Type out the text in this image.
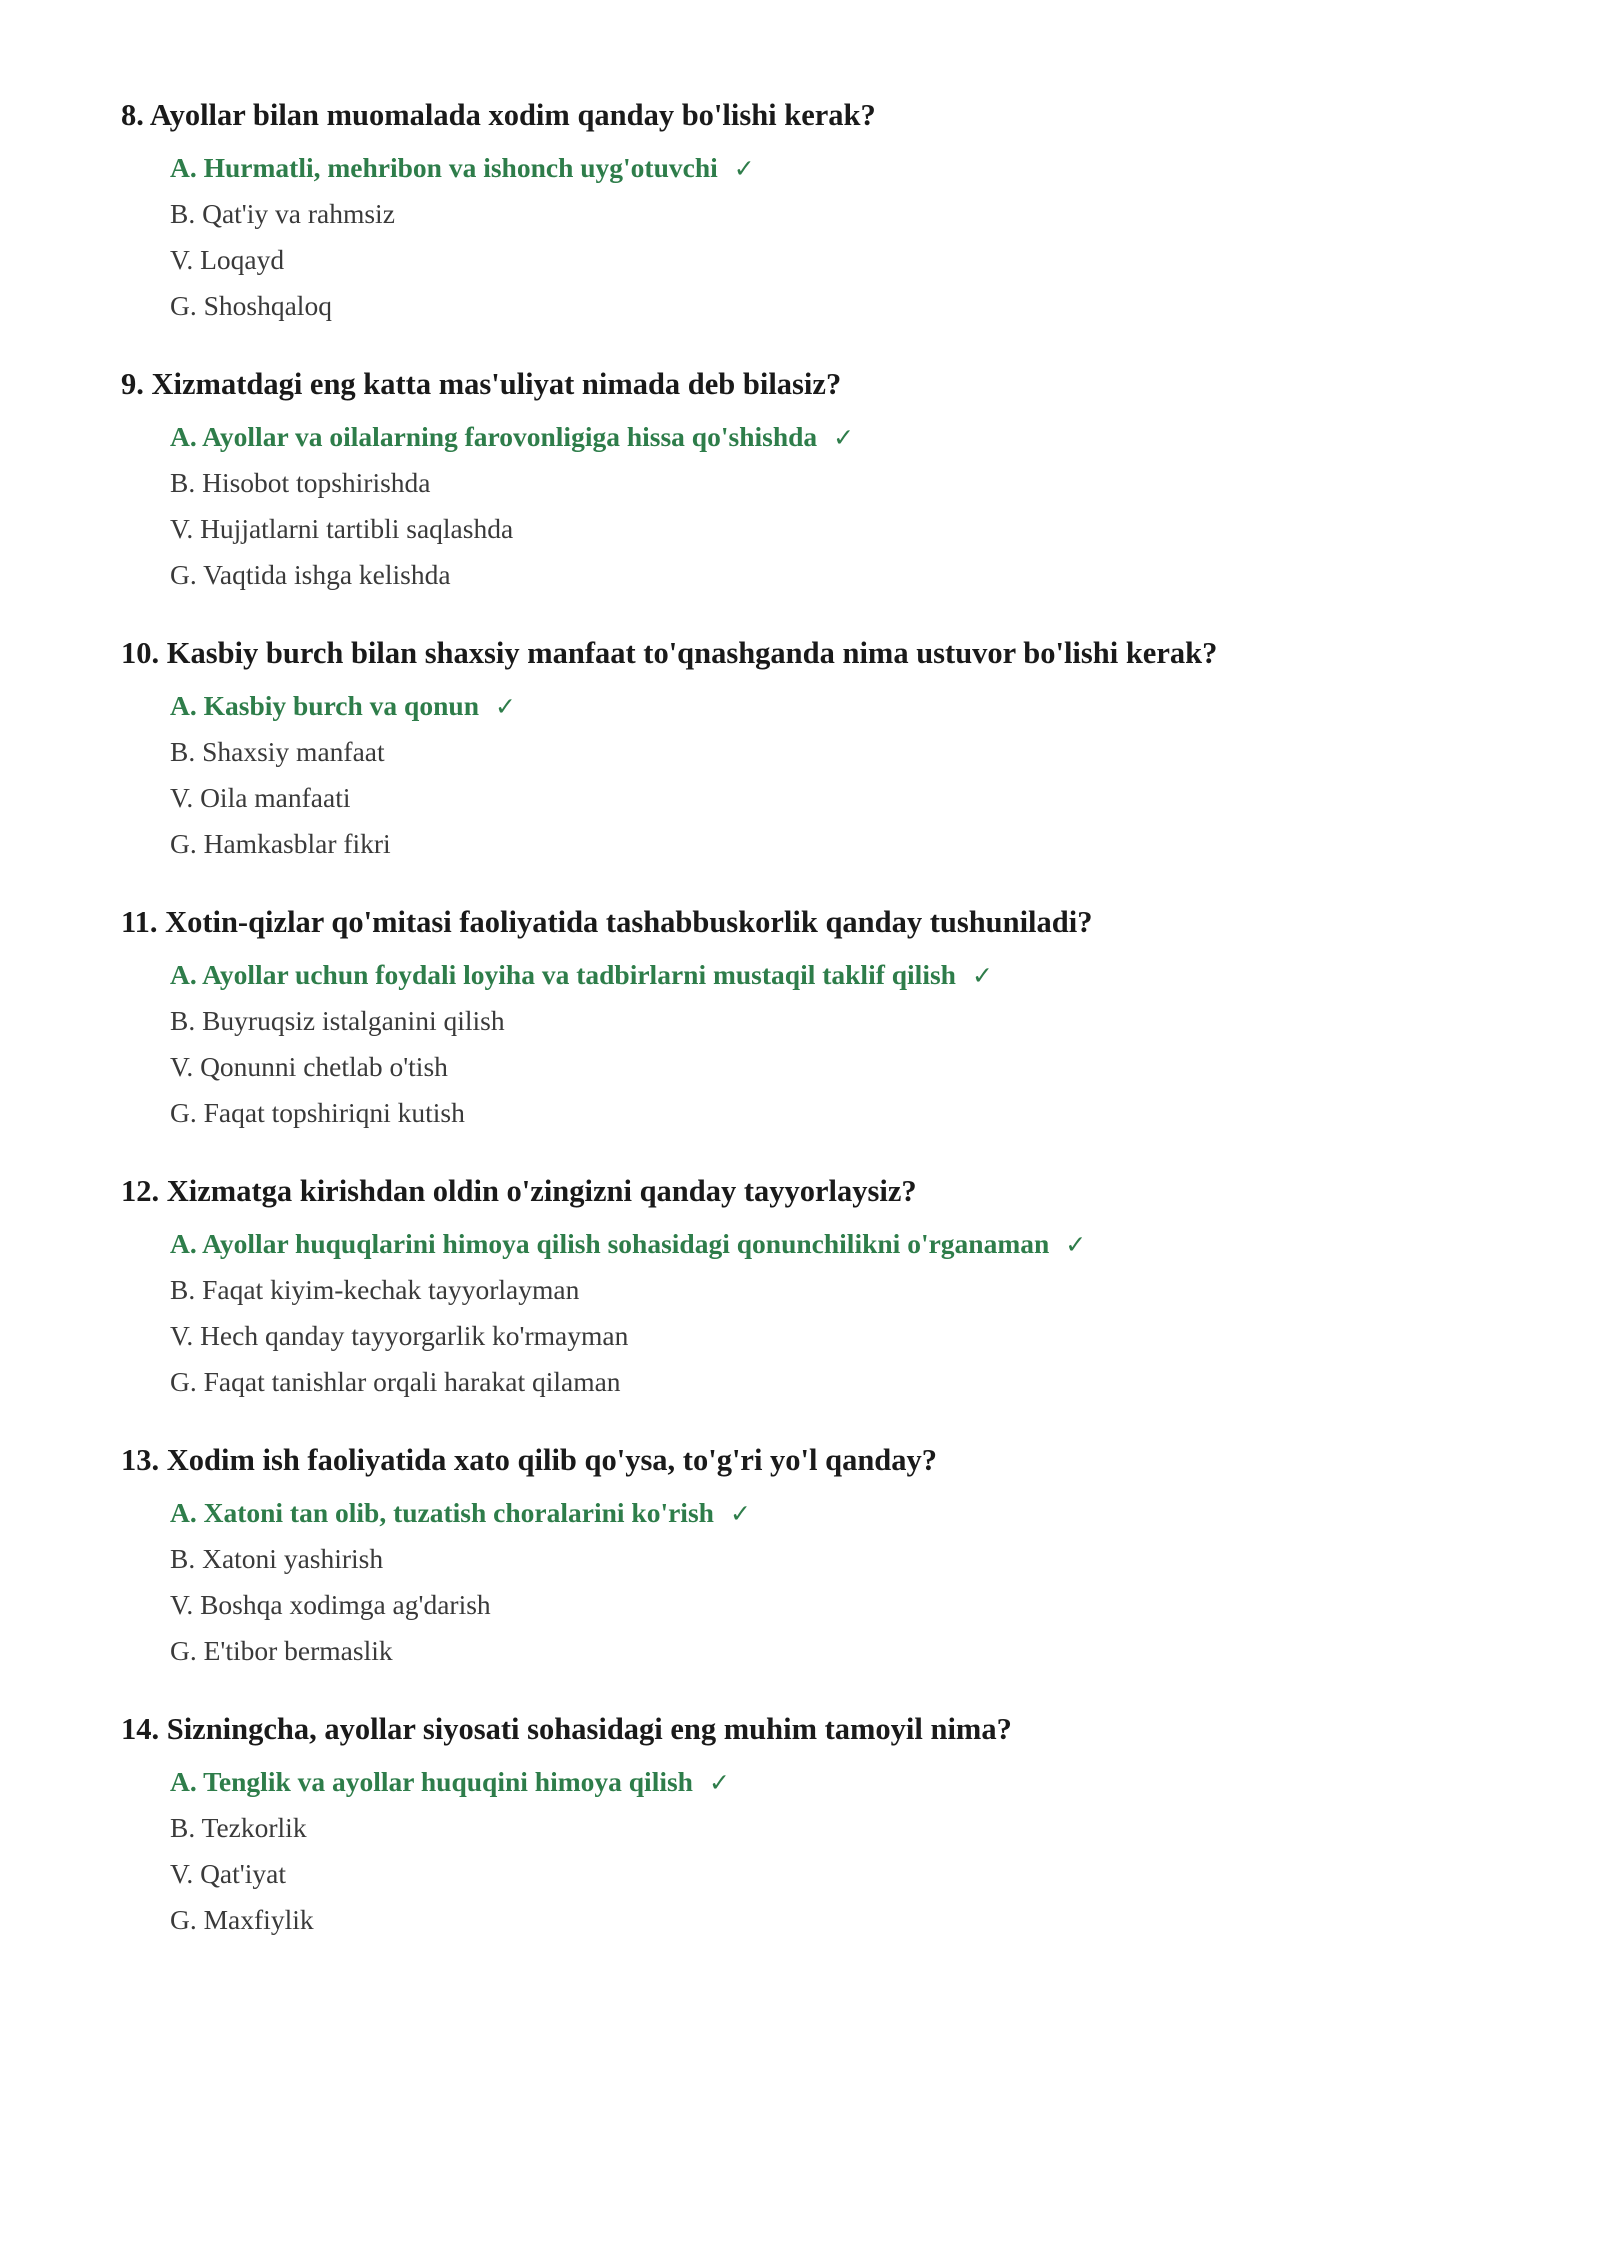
8. Ayollar bilan muomalada xodim qanday bo'lishi kerak?
A. Hurmatli, mehribon va ishonch uyg'otuvchi ✓
B. Qat'iy va rahmsiz
V. Loqayd
G. Shoshqaloq
9. Xizmatdagi eng katta mas'uliyat nimada deb bilasiz?
A. Ayollar va oilalarning farovonligiga hissa qo'shishda ✓
B. Hisobot topshirishda
V. Hujjatlarni tartibli saqlashda
G. Vaqtida ishga kelishda
10. Kasbiy burch bilan shaxsiy manfaat to'qnashganda nima ustuvor bo'lishi kerak?
A. Kasbiy burch va qonun ✓
B. Shaxsiy manfaat
V. Oila manfaati
G. Hamkasblar fikri
11. Xotin-qizlar qo'mitasi faoliyatida tashabbuskorlik qanday tushuniladi?
A. Ayollar uchun foydali loyiha va tadbirlarni mustaqil taklif qilish ✓
B. Buyruqsiz istalganini qilish
V. Qonunni chetlab o'tish
G. Faqat topshiriqni kutish
12. Xizmatga kirishdan oldin o'zingizni qanday tayyorlaysiz?
A. Ayollar huquqlarini himoya qilish sohasidagi qonunchilikni o'rganaman ✓
B. Faqat kiyim-kechak tayyorlayman
V. Hech qanday tayyorgarlik ko'rmayman
G. Faqat tanishlar orqali harakat qilaman
13. Xodim ish faoliyatida xato qilib qo'ysa, to'g'ri yo'l qanday?
A. Xatoni tan olib, tuzatish choralarini ko'rish ✓
B. Xatoni yashirish
V. Boshqa xodimga ag'darish
G. E'tibor bermaslik
14. Sizningcha, ayollar siyosati sohasidagi eng muhim tamoyil nima?
A. Tenglik va ayollar huquqini himoya qilish ✓
B. Tezkorlik
V. Qat'iyat
G. Maxfiylik
